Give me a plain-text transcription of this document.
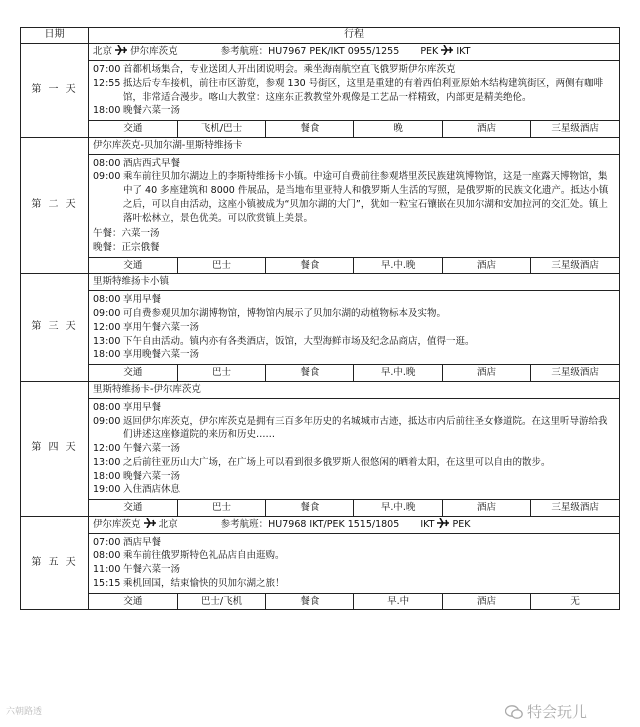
日期	行程
第 一 天	
北京 伊尔库茨克	参考航班：HU7967 PEK/IKT 0955/1255 PEK IKT
07:00 首都机场集合，专业送团人开出团说明会。乘坐海南航空直飞俄罗斯伊尔库茨克
12:55 抵达后专车接机，前往市区游览，参观 130 号街区，这里是重建的有着西伯利亚原始木结构建筑街区，两侧有咖啡馆，非常适合漫步。喀山大教堂：这座东正教教堂外观像是工艺品一样精致，内部更是精美绝伦。
18:00 晚餐六菜一汤
交通	飞机/巴士	餐食	晚	酒店	三星级酒店

第 二 天	
伊尔库茨克-贝加尔湖-里斯特维扬卡
08:00 酒店西式早餐
09:00 乘车前往贝加尔湖边上的李斯特维扬卡小镇。中途可自费前往参观塔里茨民族建筑博物馆，这是一座露天博物馆，集中了 40 多座建筑和 8000 件展品，是当地布里亚特人和俄罗斯人生活的写照，是俄罗斯的民族文化遗产。抵达小镇之后，可以自由活动，这座小镇被成为“贝加尔湖的大门”，犹如一粒宝石镶嵌在贝加尔湖和安加拉河的交汇处。镇上落叶松林立，景色优美。可以欣赏镇上美景。
午餐：六菜一汤
晚餐：正宗俄餐
交通	巴士	餐食	早.中.晚	酒店	三星级酒店

第 三 天	
里斯特维扬卡小镇
08:00 享用早餐
09:00 可自费参观贝加尔湖博物馆，博物馆内展示了贝加尔湖的动植物标本及实物。
12:00 享用午餐六菜一汤
13:00 下午自由活动。镇内亦有各类酒店，饭馆，大型海鲜市场及纪念品商店，值得一逛。
18:00 享用晚餐六菜一汤
交通	巴士	餐食	早.中.晚	酒店	三星级酒店

第 四 天	
里斯特维扬卡-伊尔库茨克
08:00 享用早餐
09:00 返回伊尔库茨克，伊尔库茨克是拥有三百多年历史的名城城市古迹，抵达市内后前往圣女修道院。在这里听导游给我们讲述这座修道院的来历和历史……
12:00 午餐六菜一汤
13:00 之后前往亚历山大广场，在广场上可以看到很多俄罗斯人很悠闲的晒着太阳，在这里可以自由的散步。
18:00 晚餐六菜一汤
19:00 入住酒店休息
交通	巴士	餐食	早.中.晚	酒店	三星级酒店

第 五 天	
伊尔库茨克 北京	参考航班：HU7968 IKT/PEK 1515/1805 IKT PEK
07:00 酒店早餐
08:00 乘车前往俄罗斯特色礼品店自由逛购。
11:00 午餐六菜一汤
15:15 乘机回国，结束愉快的贝加尔湖之旅！
交通	巴士/飞机	餐食	早.中	酒店	无
六朝路透	特会玩儿
